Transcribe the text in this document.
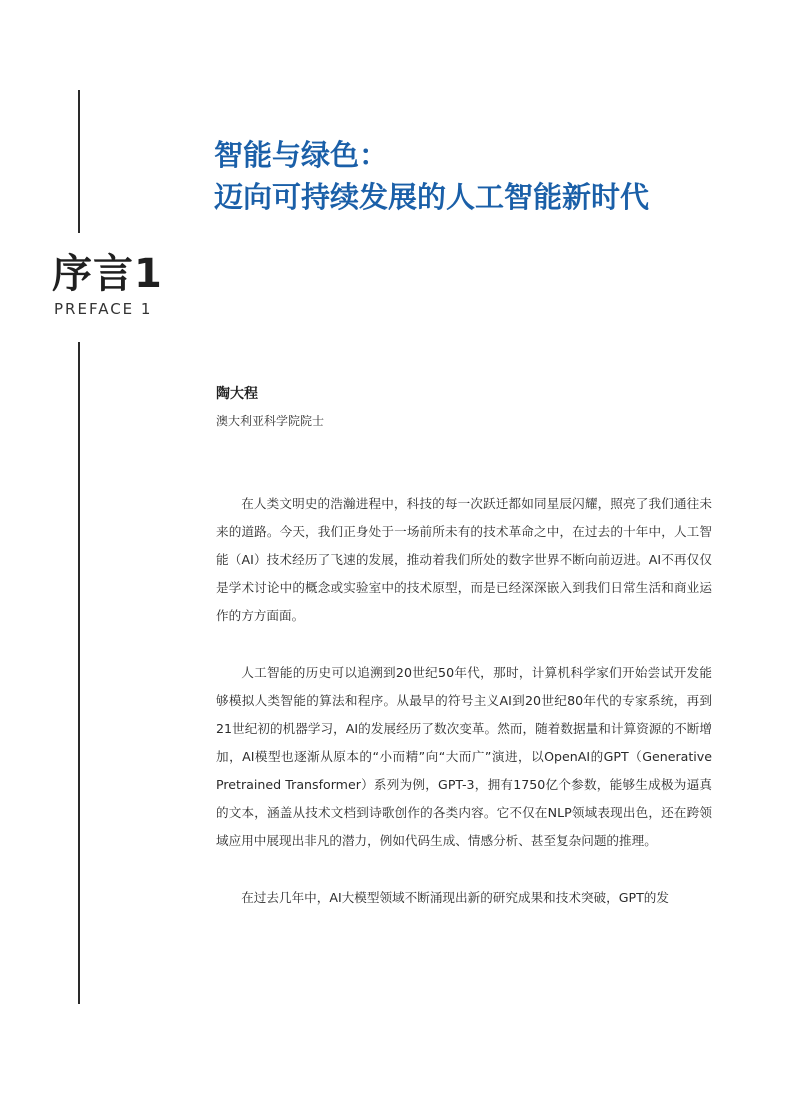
序言1
PREFACE 1
智能与绿色：
迈向可持续发展的人工智能新时代
陶大程
澳大利亚科学院院士

在人类文明史的浩瀚进程中，科技的每一次跃迁都如同星辰闪耀，照亮了我们通往未来的道路。今天，我们正身处于一场前所未有的技术革命之中，在过去的十年中，人工智能（AI）技术经历了飞速的发展，推动着我们所处的数字世界不断向前迈进。AI不再仅仅是学术讨论中的概念或实验室中的技术原型，而是已经深深嵌入到我们日常生活和商业运作的方方面面。

人工智能的历史可以追溯到20世纪50年代，那时，计算机科学家们开始尝试开发能够模拟人类智能的算法和程序。从最早的符号主义AI到20世纪80年代的专家系统，再到21世纪初的机器学习，AI的发展经历了数次变革。然而，随着数据量和计算资源的不断增加，AI模型也逐渐从原本的“小而精”向“大而广”演进，以OpenAI的GPT（Generative Pretrained Transformer）系列为例，GPT-3，拥有1750亿个参数，能够生成极为逼真的文本，涵盖从技术文档到诗歌创作的各类内容。它不仅在NLP领域表现出色，还在跨领域应用中展现出非凡的潜力，例如代码生成、情感分析、甚至复杂问题的推理。

在过去几年中，AI大模型领域不断涌现出新的研究成果和技术突破，GPT的发
